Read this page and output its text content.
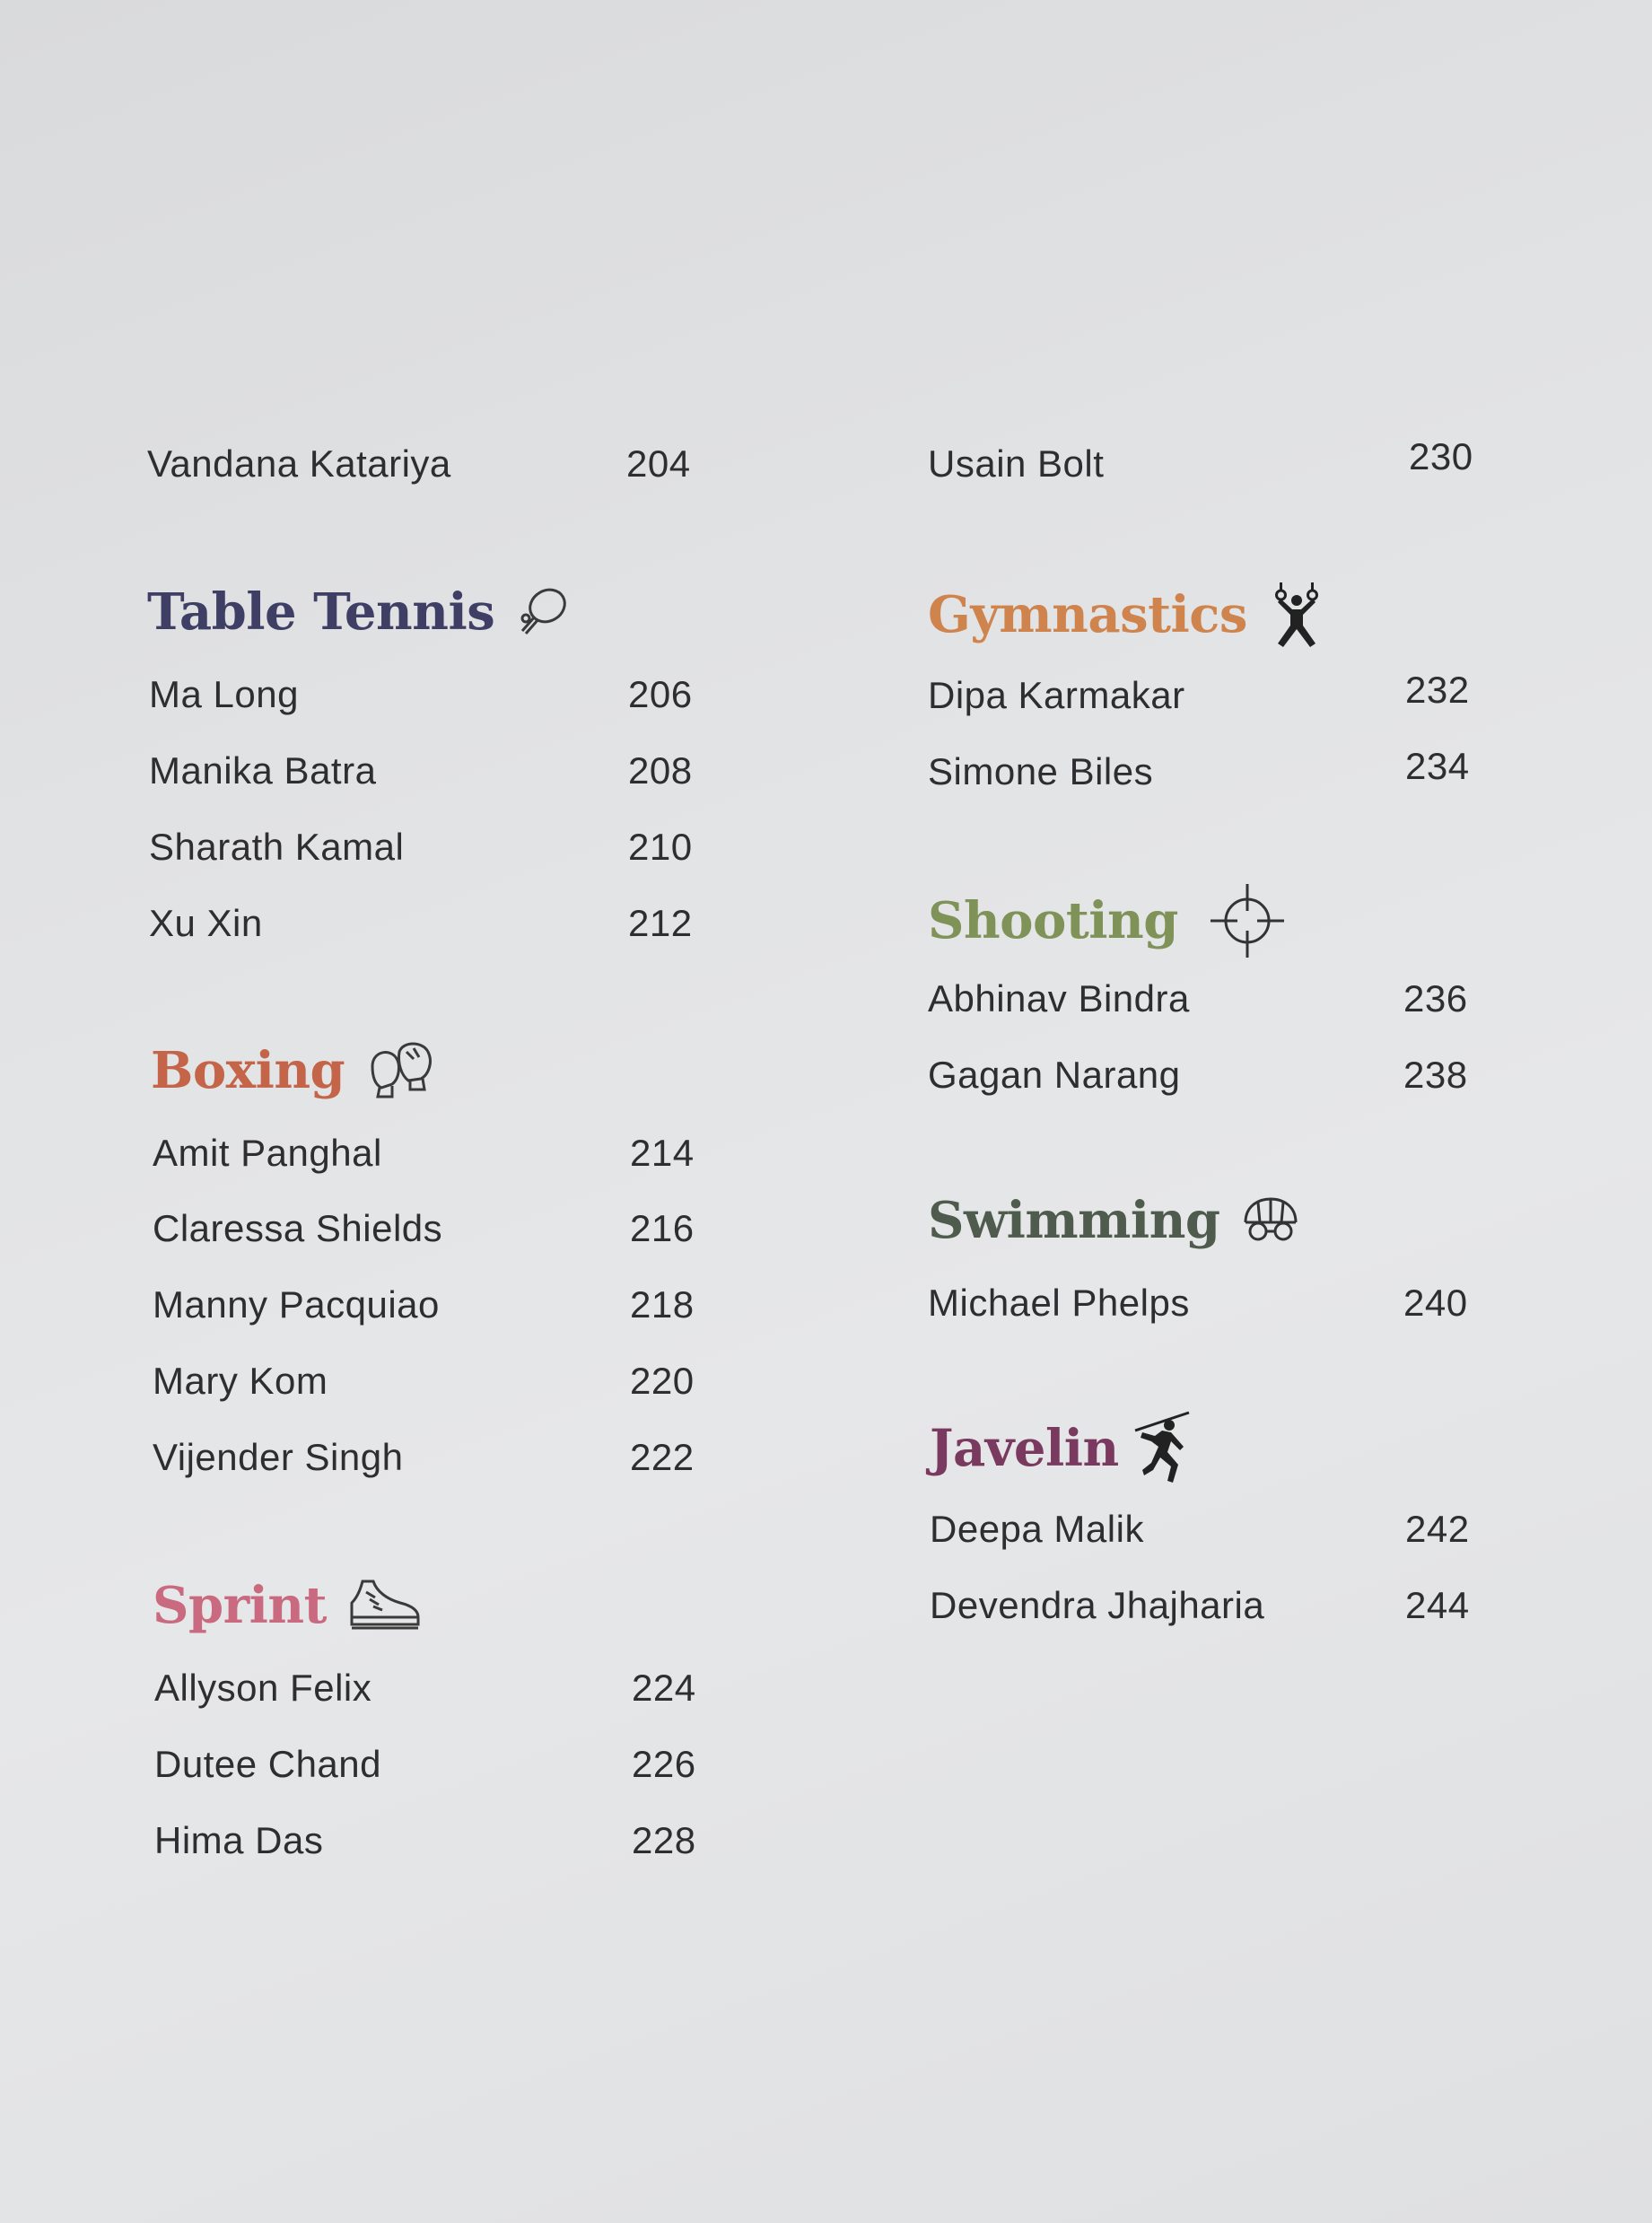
Vandana Katariya	204
Table Tennis
Ma Long	206
Manika Batra	208
Sharath Kamal	210
Xu Xin	212
Boxing
Amit Panghal	214
Claressa Shields	216
Manny Pacquiao	218
Mary Kom	220
Vijender Singh	222
Sprint
Allyson Felix	224
Dutee Chand	226
Hima Das	228
Usain Bolt	230
Gymnastics
Dipa Karmakar	232
Simone Biles	234
Shooting
Abhinav Bindra	236
Gagan Narang	238
Swimming
Michael Phelps	240
Javelin
Deepa Malik	242
Devendra Jhajharia	244
